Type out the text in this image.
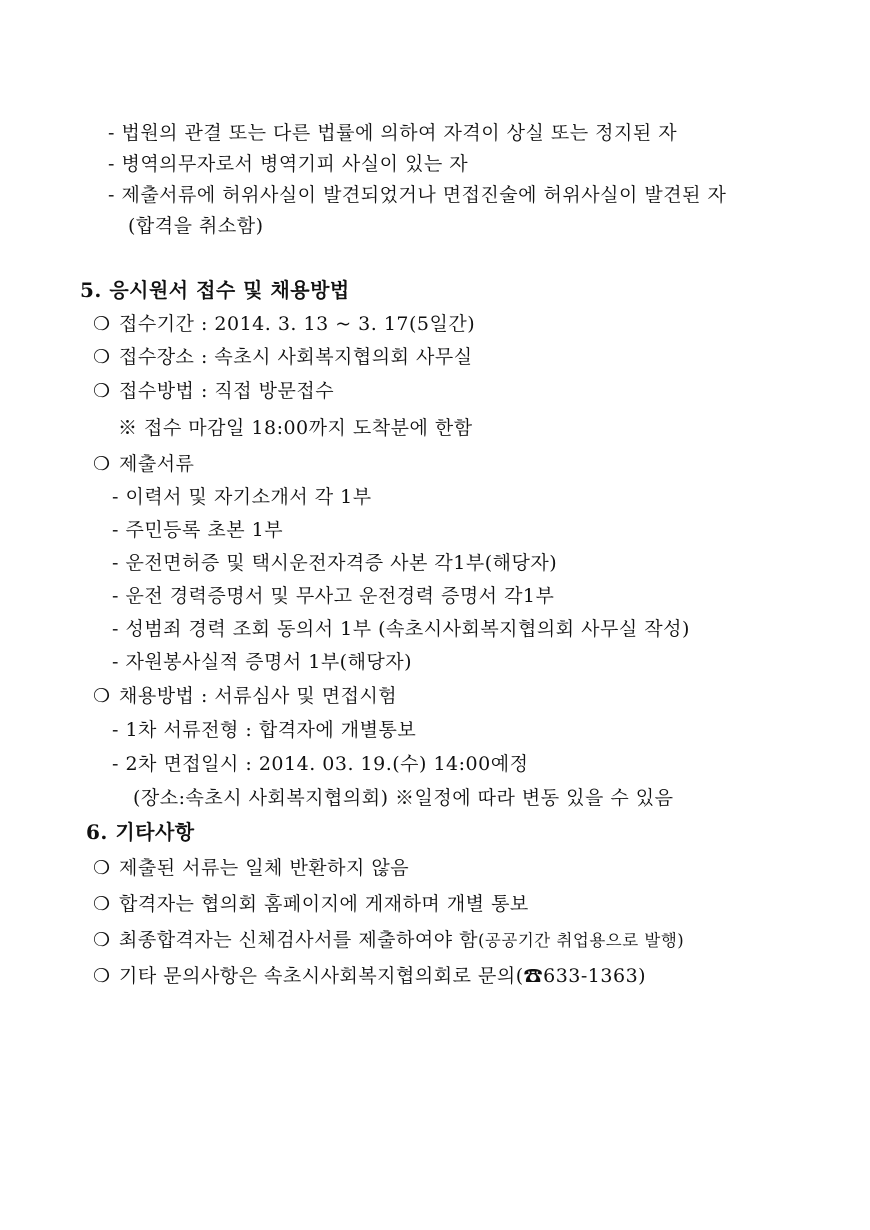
- 법원의 관결 또는 다른 법률에 의하여 자격이 상실 또는 정지된 자
- 병역의무자로서 병역기피 사실이 있는 자
- 제출서류에 허위사실이 발견되었거나 면접진술에 허위사실이 발견된 자
(합격을 취소함)
5. 응시원서 접수 및 채용방법
❍ 접수기간 : 2014. 3. 13 ~ 3. 17(5일간)
❍ 접수장소 : 속초시 사회복지협의회 사무실
❍ 접수방법 : 직접 방문접수
※ 접수 마감일 18:00까지 도착분에 한함
❍ 제출서류
- 이력서 및 자기소개서 각 1부
- 주민등록 초본 1부
- 운전면허증 및 택시운전자격증 사본 각1부(해당자)
- 운전 경력증명서 및 무사고 운전경력 증명서 각1부
- 성범죄 경력 조회 동의서 1부 (속초시사회복지협의회 사무실 작성)
- 자원봉사실적 증명서 1부(해당자)
❍ 채용방법 : 서류심사 및 면접시험
- 1차 서류전형 : 합격자에 개별통보
- 2차 면접일시 : 2014. 03. 19.(수) 14:00예정
(장소:속초시 사회복지협의회) ※일정에 따라 변동 있을 수 있음
6. 기타사항
❍ 제출된 서류는 일체 반환하지 않음
❍ 합격자는 협의회 홈페이지에 게재하며 개별 통보
❍ 최종합격자는 신체검사서를 제출하여야 함(공공기간 취업용으로 발행)
❍ 기타 문의사항은 속초시사회복지협의회로 문의(☎633-1363)
